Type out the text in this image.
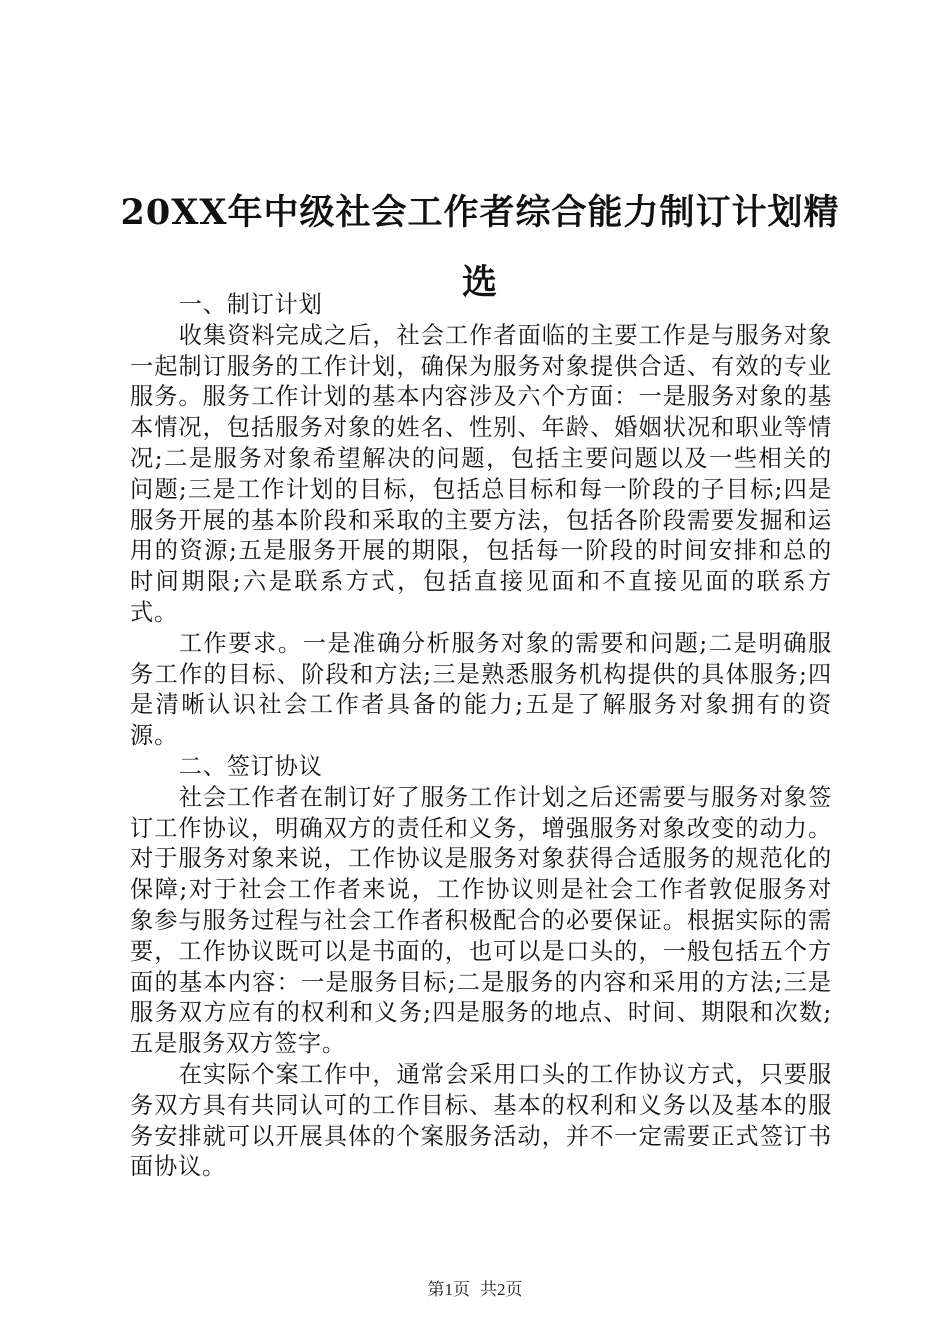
20XX年中级社会工作者综合能力制订计划精选

一、制订计划

收集资料完成之后，社会工作者面临的主要工作是与服务对象一起制订服务的工作计划，确保为服务对象提供合适、有效的专业服务。服务工作计划的基本内容涉及六个方面：一是服务对象的基本情况，包括服务对象的姓名、性别、年龄、婚姻状况和职业等情况;二是服务对象希望解决的问题，包括主要问题以及一些相关的问题;三是工作计划的目标，包括总目标和每一阶段的子目标;四是服务开展的基本阶段和采取的主要方法，包括各阶段需要发掘和运用的资源;五是服务开展的期限，包括每一阶段的时间安排和总的时间期限;六是联系方式，包括直接见面和不直接见面的联系方式。

工作要求。一是准确分析服务对象的需要和问题;二是明确服务工作的目标、阶段和方法;三是熟悉服务机构提供的具体服务;四是清晰认识社会工作者具备的能力;五是了解服务对象拥有的资源。

二、签订协议

社会工作者在制订好了服务工作计划之后还需要与服务对象签订工作协议，明确双方的责任和义务，增强服务对象改变的动力。对于服务对象来说，工作协议是服务对象获得合适服务的规范化的保障;对于社会工作者来说，工作协议则是社会工作者敦促服务对象参与服务过程与社会工作者积极配合的必要保证。根据实际的需要，工作协议既可以是书面的，也可以是口头的，一般包括五个方面的基本内容：一是服务目标;二是服务的内容和采用的方法;三是服务双方应有的权利和义务;四是服务的地点、时间、期限和次数;五是服务双方签字。

在实际个案工作中，通常会采用口头的工作协议方式，只要服务双方具有共同认可的工作目标、基本的权利和义务以及基本的服务安排就可以开展具体的个案服务活动，并不一定需要正式签订书面协议。

第1页 共2页
